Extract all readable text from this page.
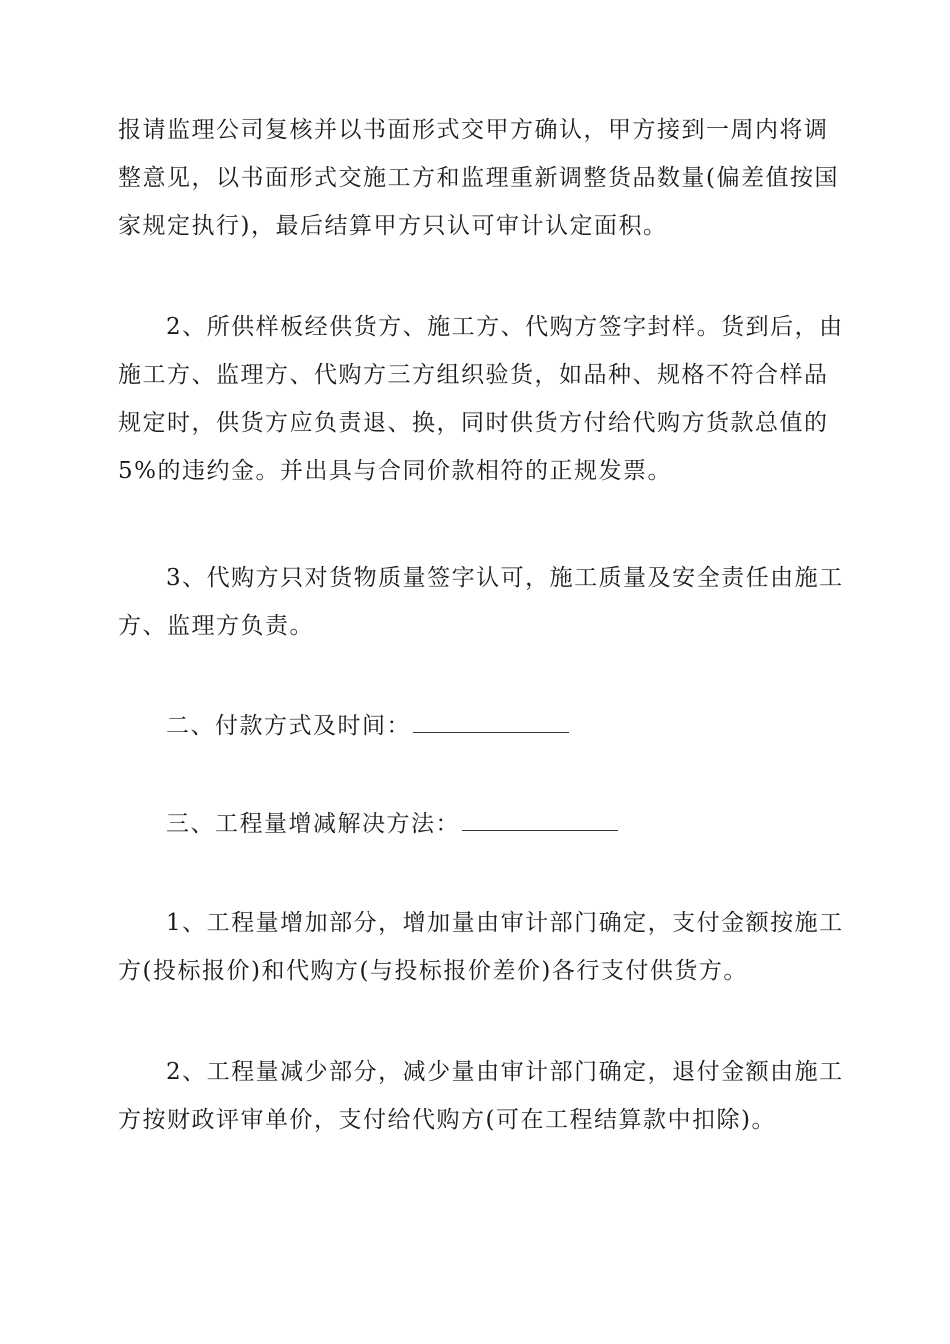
报请监理公司复核并以书面形式交甲方确认，甲方接到一周内将调
整意见，以书面形式交施工方和监理重新调整货品数量(偏差值按国
家规定执行)，最后结算甲方只认可审计认定面积。
2、所供样板经供货方、施工方、代购方签字封样。货到后，由
施工方、监理方、代购方三方组织验货，如品种、规格不符合样品
规定时，供货方应负责退、换，同时供货方付给代购方货款总值的
5%的违约金。并出具与合同价款相符的正规发票。
3、代购方只对货物质量签字认可，施工质量及安全责任由施工
方、监理方负责。
二、付款方式及时间：
三、工程量增减解决方法：
1、工程量增加部分，增加量由审计部门确定，支付金额按施工
方(投标报价)和代购方(与投标报价差价)各行支付供货方。
2、工程量减少部分，减少量由审计部门确定，退付金额由施工
方按财政评审单价，支付给代购方(可在工程结算款中扣除)。
